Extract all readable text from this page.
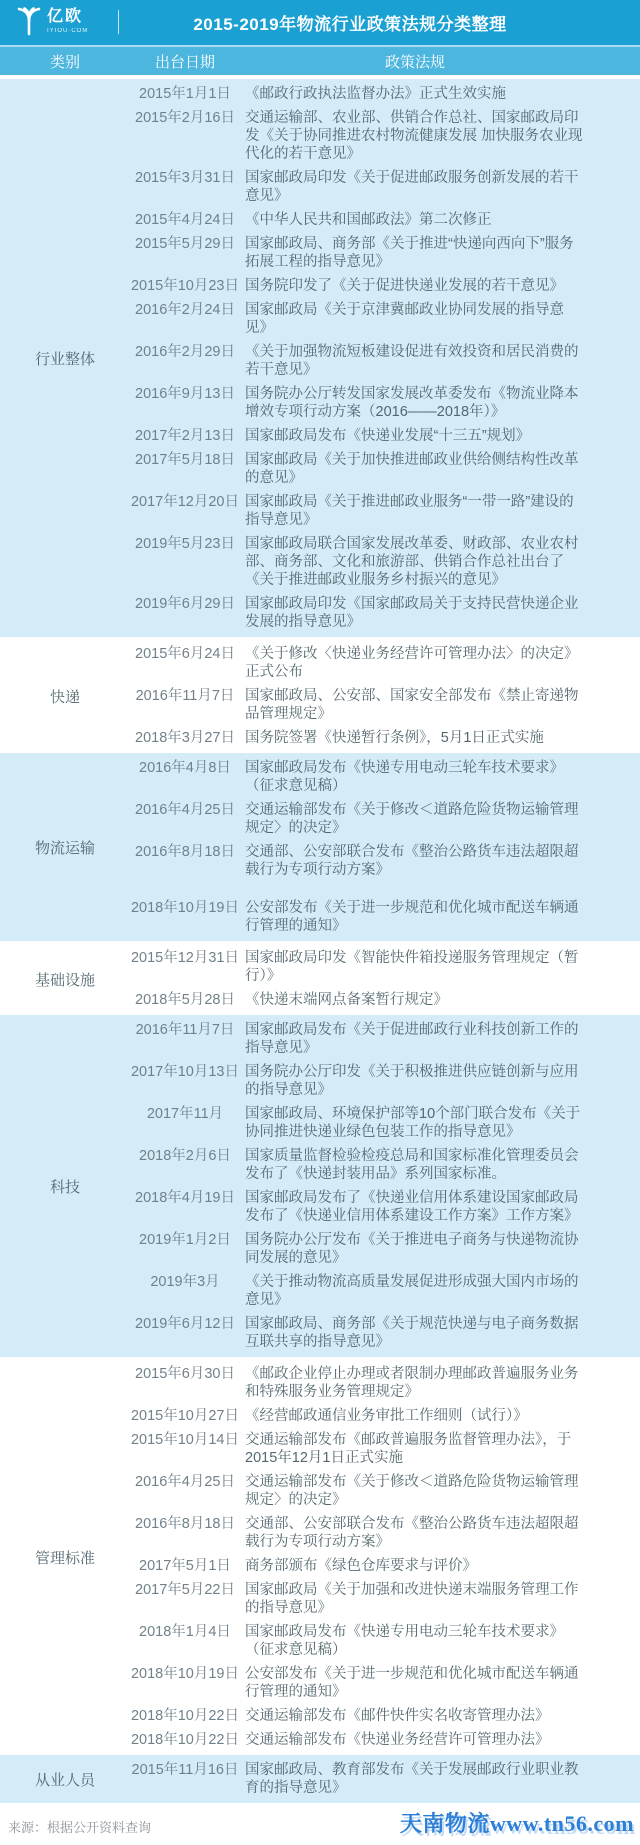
亿欧
IYIOU·COM	2015-2019年物流行业政策法规分类整理
类别	出台日期	政策法规
行业整体
2015年1月1日 《邮政行政执法监督办法》正式生效实施
2015年2月16日 交通运输部、农业部、供销合作总社、国家邮政局印发《关于协同推进农村物流健康发展 加快服务农业现代化的若干意见》
2015年3月31日 国家邮政局印发《关于促进邮政服务创新发展的若干意见》
2015年4月24日 《中华人民共和国邮政法》第二次修正
2015年5月29日 国家邮政局、商务部《关于推进“快递向西向下”服务拓展工程的指导意见》
2015年10月23日 国务院印发了《关于促进快递业发展的若干意见》
2016年2月24日 国家邮政局《关于京津冀邮政业协同发展的指导意见》
2016年2月29日 《关于加强物流短板建设促进有效投资和居民消费的若干意见》
2016年9月13日 国务院办公厅转发国家发展改革委发布《物流业降本增效专项行动方案（2016——2018年）》
2017年2月13日 国家邮政局发布《快递业发展“十三五”规划》
2017年5月18日 国家邮政局《关于加快推进邮政业供给侧结构性改革的意见》
2017年12月20日 国家邮政局《关于推进邮政业服务“一带一路”建设的指导意见》
2019年5月23日 国家邮政局联合国家发展改革委、财政部、农业农村部、商务部、文化和旅游部、供销合作总社出台了《关于推进邮政业服务乡村振兴的意见》
2019年6月29日 国家邮政局印发《国家邮政局关于支持民营快递企业发展的指导意见》
快递
2015年6月24日 《关于修改〈快递业务经营许可管理办法〉的决定》正式公布
2016年11月7日 国家邮政局、公安部、国家安全部发布《禁止寄递物品管理规定》
2018年3月27日 国务院签署《快递暂行条例》，5月1日正式实施
物流运输
2016年4月8日 国家邮政局发布《快递专用电动三轮车技术要求》（征求意见稿）
2016年4月25日 交通运输部发布《关于修改＜道路危险货物运输管理规定〉的决定》
2016年8月18日 交通部、公安部联合发布《整治公路货车违法超限超载行为专项行动方案》
2018年10月19日 公安部发布《关于进一步规范和优化城市配送车辆通行管理的通知》
基础设施
2015年12月31日 国家邮政局印发《智能快件箱投递服务管理规定（暂行）》
2018年5月28日 《快递末端网点备案暂行规定》
科技
2016年11月7日 国家邮政局发布《关于促进邮政行业科技创新工作的指导意见》
2017年10月13日 国务院办公厅印发《关于积极推进供应链创新与应用的指导意见》
2017年11月	国家邮政局、环境保护部等10个部门联合发布《关于协同推进快递业绿色包装工作的指导意见》
2018年2月6日 国家质量监督检验检疫总局和国家标准化管理委员会发布了《快递封装用品》系列国家标准。
2018年4月19日 国家邮政局发布了《快递业信用体系建设国家邮政局发布了《快递业信用体系建设工作方案》工作方案》
2019年1月2日 国务院办公厅发布《关于推进电子商务与快递物流协同发展的意见》
2019年3月	《关于推动物流高质量发展促进形成强大国内市场的意见》
2019年6月12日 国家邮政局、商务部《关于规范快递与电子商务数据互联共享的指导意见》
管理标准
2015年6月30日 《邮政企业停止办理或者限制办理邮政普遍服务业务和特殊服务业务管理规定》
2015年10月27日 《经营邮政通信业务审批工作细则（试行）》
2015年10月14日 交通运输部发布《邮政普遍服务监督管理办法》，于2015年12月1日正式实施
2016年4月25日 交通运输部发布《关于修改＜道路危险货物运输管理规定〉的决定》
2016年8月18日 交通部、公安部联合发布《整治公路货车违法超限超载行为专项行动方案》
2017年5月1日 商务部颁布《绿色仓库要求与评价》
2017年5月22日 国家邮政局《关于加强和改进快递末端服务管理工作的指导意见》
2018年1月4日 国家邮政局发布《快递专用电动三轮车技术要求》（征求意见稿）
2018年10月19日 公安部发布《关于进一步规范和优化城市配送车辆通行管理的通知》
2018年10月22日 交通运输部发布《邮件快件实名收寄管理办法》
2018年10月22日 交通运输部发布《快递业务经营许可管理办法》
从业人员
2015年11月16日 国家邮政局、教育部发布《关于发展邮政行业职业教育的指导意见》
来源：根据公开资料查询	天南物流www.tn56.com
